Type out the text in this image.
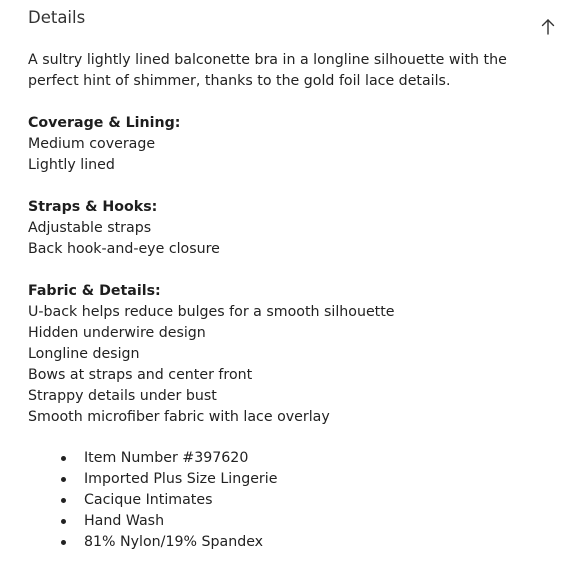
Details

A sultry lightly lined balconette bra in a longline silhouette with the perfect hint of shimmer, thanks to the gold foil lace details.

Coverage & Lining:
Medium coverage
Lightly lined
Straps & Hooks:
Adjustable straps
Back hook-and-eye closure
Fabric & Details:
U-back helps reduce bulges for a smooth silhouette
Hidden underwire design
Longline design
Bows at straps and center front
Strappy details under bust
Smooth microfiber fabric with lace overlay
Item Number #397620
Imported Plus Size Lingerie
Cacique Intimates
Hand Wash
81% Nylon/19% Spandex
